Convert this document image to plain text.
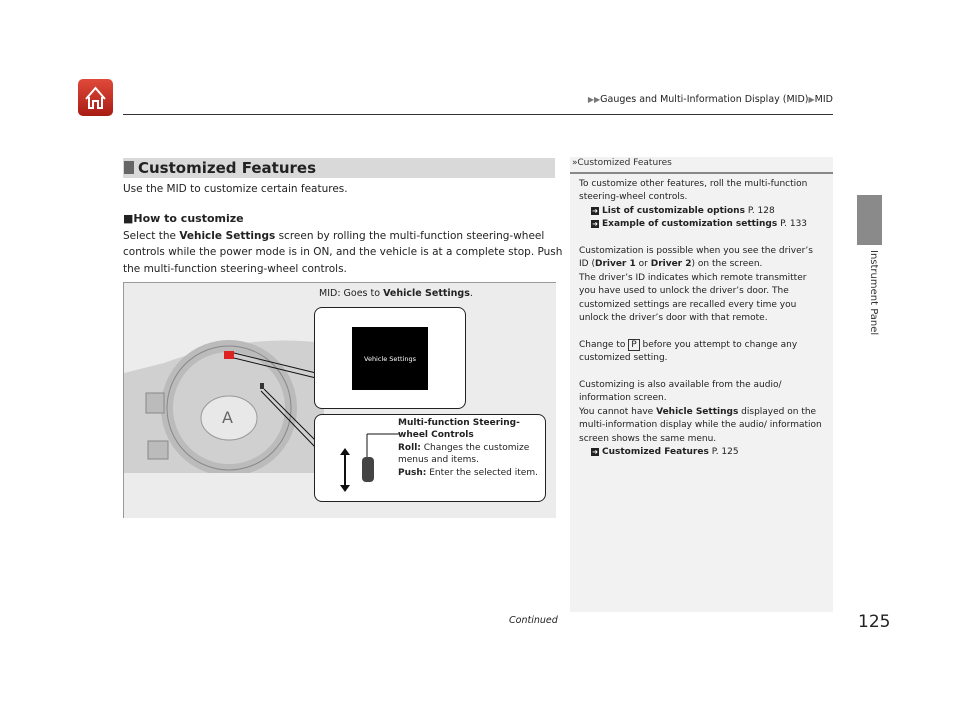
▶▶Gauges and Multi-Information Display (MID)▶MID
Customized Features
Use the MID to customize certain features.
■How to customize
Select the Vehicle Settings screen by rolling the multi-function steering-wheel controls while the power mode is in ON, and the vehicle is at a complete stop. Push the multi-function steering-wheel controls.
A
MID: Goes to Vehicle Settings.
Vehicle Settings
Multi-function Steering-wheel Controls
Roll: Changes the customize menus and items.
Push: Enter the selected item.
»Customized Features
To customize other features, roll the multi-function steering-wheel controls.
➜ List of customizable options P. 128
➜ Example of customization settings P. 133
Customization is possible when you see the driver’s ID (Driver 1 or Driver 2) on the screen.
The driver’s ID indicates which remote transmitter you have used to unlock the driver’s door. The customized settings are recalled every time you unlock the driver’s door with that remote.
Change to P before you attempt to change any customized setting.
Customizing is also available from the audio/ information screen.
You cannot have Vehicle Settings displayed on the multi-information display while the audio/ information screen shows the same menu.
➜ Customized Features P. 125
Instrument Panel
Continued	125
